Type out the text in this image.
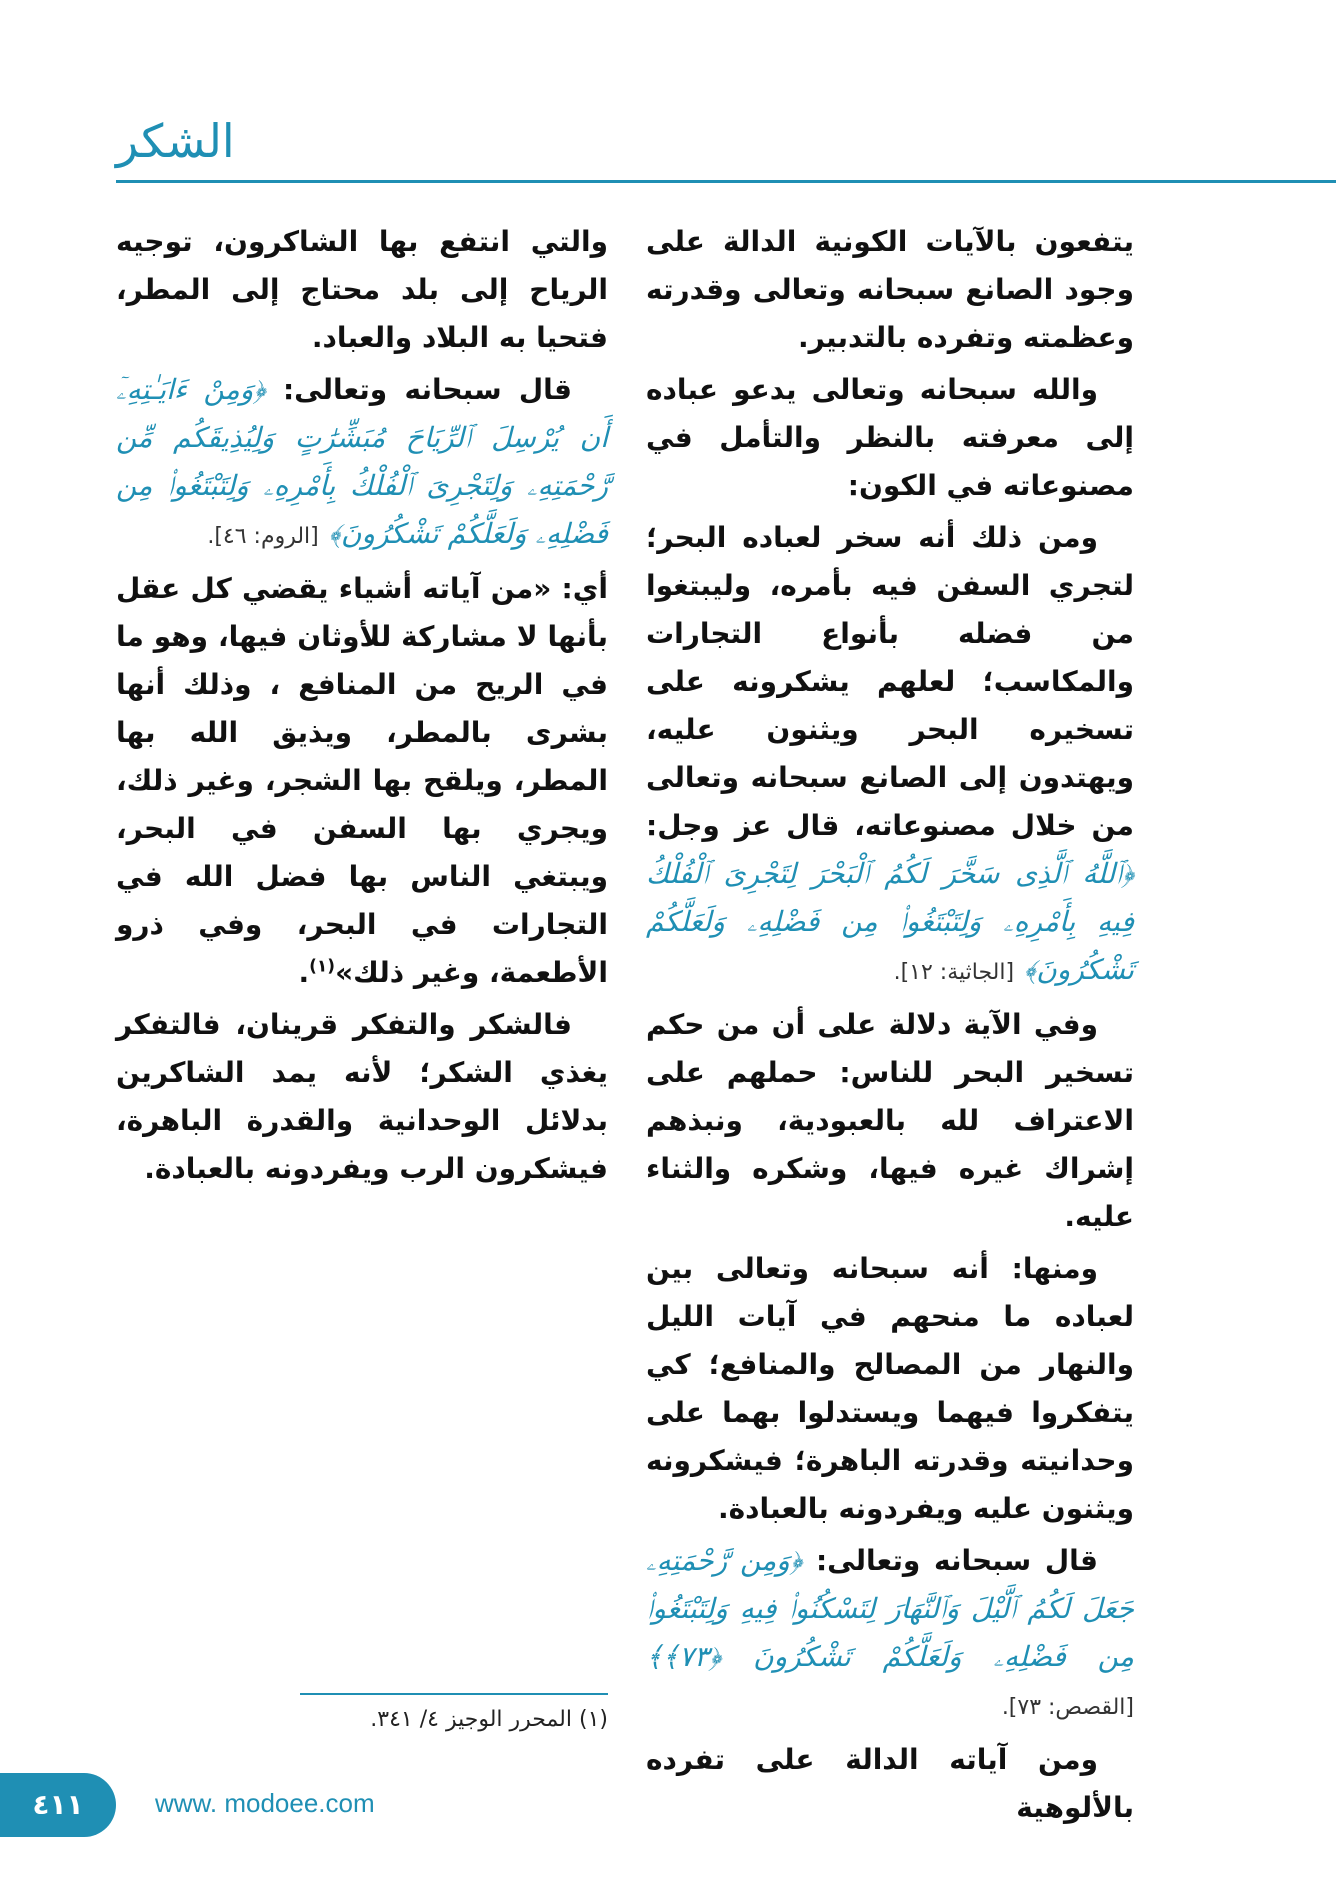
الشكر

يتفعون بالآيات الكونية الدالة على وجود الصانع سبحانه وتعالى وقدرته وعظمته وتفرده بالتدبير.

والله سبحانه وتعالى يدعو عباده إلى معرفته بالنظر والتأمل في مصنوعاته في الكون:

ومن ذلك أنه سخر لعباده البحر؛ لتجري السفن فيه بأمره، وليبتغوا من فضله بأنواع التجارات والمكاسب؛ لعلهم يشكرونه على تسخيره البحر ويثنون عليه، ويهتدون إلى الصانع سبحانه وتعالى من خلال مصنوعاته، قال عز وجل: ﴿ٱللَّهُ ٱلَّذِى سَخَّرَ لَكُمُ ٱلْبَحْرَ لِتَجْرِىَ ٱلْفُلْكُ فِيهِ بِأَمْرِهِۦ وَلِتَبْتَغُوا۟ مِن فَضْلِهِۦ وَلَعَلَّكُمْ تَشْكُرُونَ﴾ [الجاثية: ١٢].

وفي الآية دلالة على أن من حكم تسخير البحر للناس: حملهم على الاعتراف لله بالعبودية، ونبذهم إشراك غيره فيها، وشكره والثناء عليه.

ومنها: أنه سبحانه وتعالى بين لعباده ما منحهم في آيات الليل والنهار من المصالح والمنافع؛ كي يتفكروا فيهما ويستدلوا بهما على وحدانيته وقدرته الباهرة؛ فيشكرونه ويثنون عليه ويفردونه بالعبادة.

قال سبحانه وتعالى: ﴿وَمِن رَّحْمَتِهِۦ جَعَلَ لَكُمُ ٱلَّيْلَ وَٱلنَّهَارَ لِتَسْكُنُوا۟ فِيهِ وَلِتَبْتَغُوا۟ مِن فَضْلِهِۦ وَلَعَلَّكُمْ تَشْكُرُونَ ﴿٧٣﴾﴾ [القصص: ٧٣].

ومن آياته الدالة على تفرده بالألوهية

والتي انتفع بها الشاكرون، توجيه الرياح إلى بلد محتاج إلى المطر، فتحيا به البلاد والعباد.

قال سبحانه وتعالى: ﴿وَمِنْ ءَايَـٰتِهِۦٓ أَن يُرْسِلَ ٱلرِّيَاحَ مُبَشِّرَٰتٍ وَلِيُذِيقَكُم مِّن رَّحْمَتِهِۦ وَلِتَجْرِىَ ٱلْفُلْكُ بِأَمْرِهِۦ وَلِتَبْتَغُوا۟ مِن فَضْلِهِۦ وَلَعَلَّكُمْ تَشْكُرُونَ﴾ [الروم: ٤٦].

أي: «من آياته أشياء يقضي كل عقل بأنها لا مشاركة للأوثان فيها، وهو ما في الريح من المنافع ، وذلك أنها بشرى بالمطر، ويذيق الله بها المطر، ويلقح بها الشجر، وغير ذلك، ويجري بها السفن في البحر، ويبتغي الناس بها فضل الله في التجارات في البحر، وفي ذرو الأطعمة، وغير ذلك»$^{(١)}$.

فالشكر والتفكر قرينان، فالتفكر يغذي الشكر؛ لأنه يمد الشاكرين بدلائل الوحدانية والقدرة الباهرة، فيشكرون الرب ويفردونه بالعبادة.

(١) المحرر الوجيز ٤/ ٣٤١.
٤١١	www. modoee.com
